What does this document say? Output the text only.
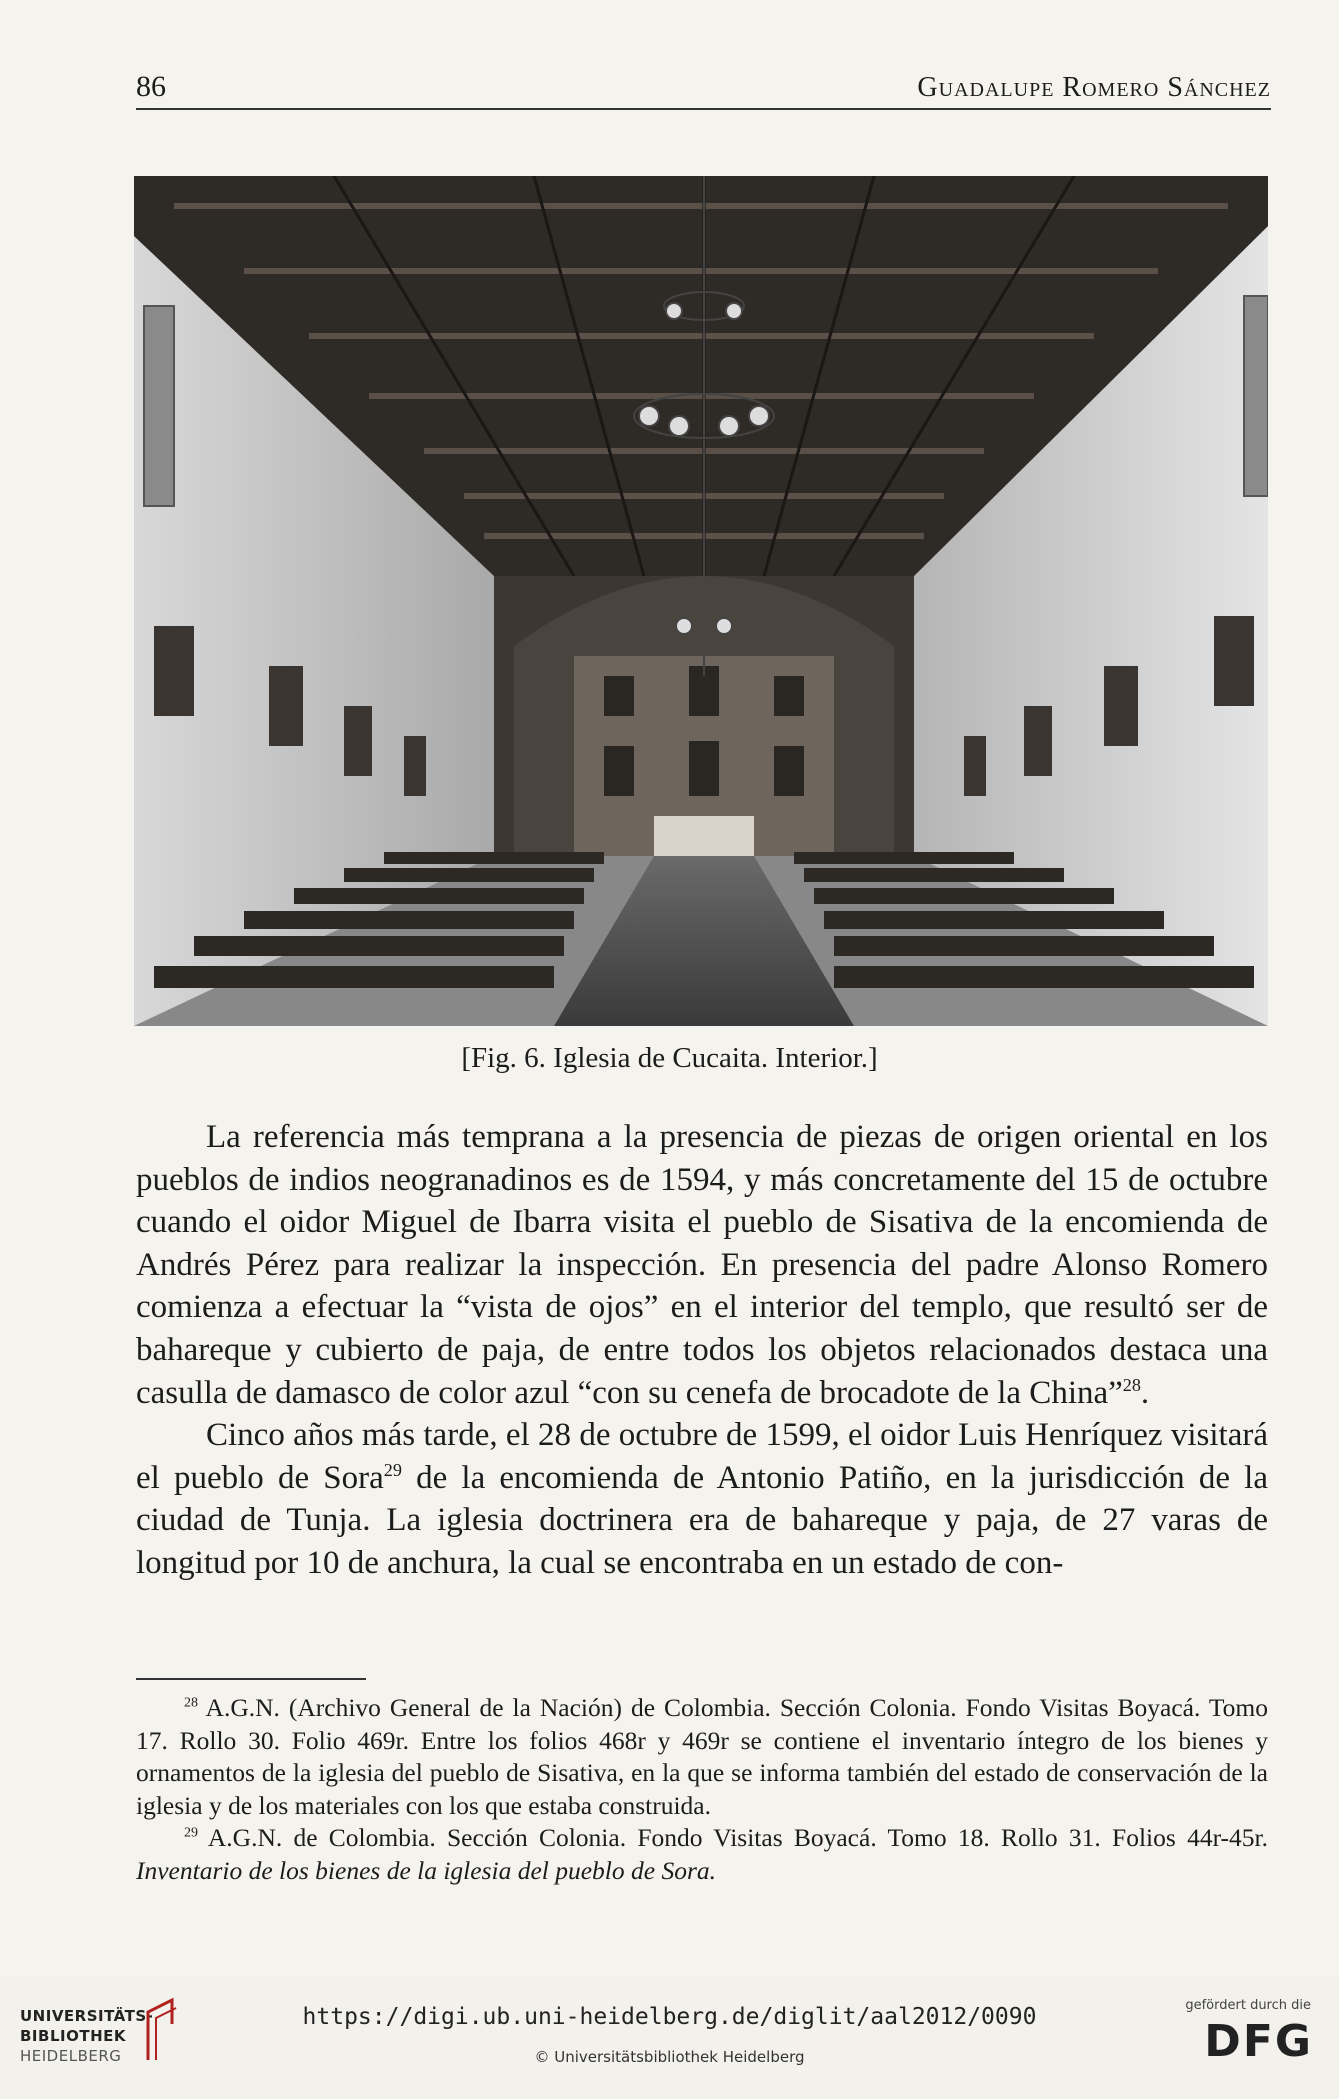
86	Guadalupe Romero Sánchez
[Fig. 6. Iglesia de Cucaita. Interior.]

La referencia más temprana a la presencia de piezas de origen oriental en los pueblos de indios neogranadinos es de 1594, y más concretamente del 15 de octubre cuando el oidor Miguel de Ibarra visita el pueblo de Sisativa de la encomienda de Andrés Pérez para realizar la inspección. En presencia del padre Alonso Romero comienza a efectuar la “vista de ojos” en el interior del templo, que resultó ser de bahareque y cubierto de paja, de entre todos los objetos relacionados destaca una casulla de damasco de color azul “con su cenefa de brocadote de la China”$^{28}$.

Cinco años más tarde, el 28 de octubre de 1599, el oidor Luis Henríquez visitará el pueblo de Sora$^{29}$ de la encomienda de Antonio Patiño, en la jurisdicción de la ciudad de Tunja. La iglesia doctrinera era de bahareque y paja, de 27 varas de longitud por 10 de anchura, la cual se encontraba en un estado de con-

$^{28}$ A.G.N. (Archivo General de la Nación) de Colombia. Sección Colonia. Fondo Visitas Boyacá. Tomo 17. Rollo 30. Folio 469r. Entre los folios 468r y 469r se contiene el inventario íntegro de los bienes y ornamentos de la iglesia del pueblo de Sisativa, en la que se informa también del estado de conservación de la iglesia y de los materiales con los que estaba construida.

$^{29}$ A.G.N. de Colombia. Sección Colonia. Fondo Visitas Boyacá. Tomo 18. Rollo 31. Folios 44r-45r. Inventario de los bienes de la iglesia del pueblo de Sora.

UNIVERSITÄTS-
BIBLIOTHEK
HEIDELBERG
https://digi.ub.uni-heidelberg.de/diglit/aal2012/0090
© Universitätsbibliothek Heidelberg
gefördert durch die
DFG
